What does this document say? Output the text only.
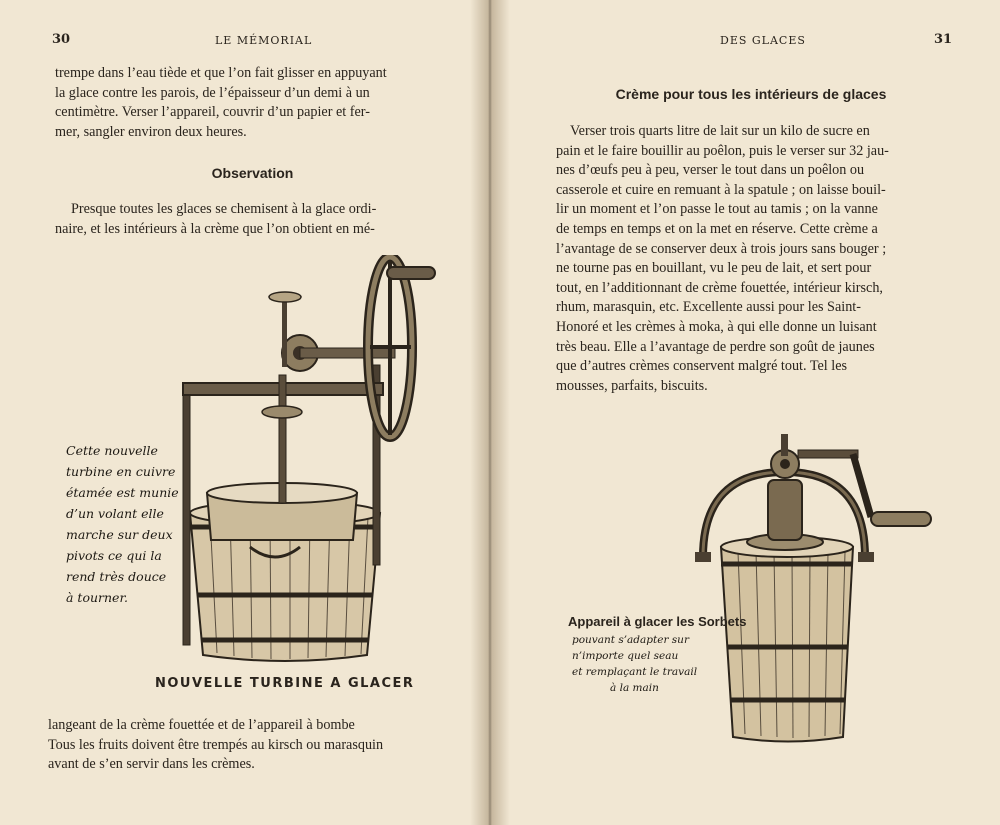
30	LE MÉMORIAL

trempe dans l’eau tiède et que l’on fait glisser en appuyant

la glace contre les parois, de l’épaisseur d’un demi à un

centimètre. Verser l’appareil, couvrir d’un papier et fer-

mer, sangler environ deux heures.

Observation

Presque toutes les glaces se chemisent à la glace ordi-

naire, et les intérieurs à la crème que l’on obtient en mé-

Cette nouvelle
turbine en cuivre
étamée est munie
d’un volant elle
marche sur deux
pivots ce qui la
rend très douce
à tourner.
NOUVELLE TURBINE A GLACER

langeant de la crème fouettée et de l’appareil à bombe

Tous les fruits doivent être trempés au kirsch ou marasquin

avant de s’en servir dans les crèmes.

DES GLACES	31
Crème pour tous les intérieurs de glaces

Verser trois quarts litre de lait sur un kilo de sucre en

pain et le faire bouillir au poêlon, puis le verser sur 32 jau-

nes d’œufs peu à peu, verser le tout dans un poêlon ou

casserole et cuire en remuant à la spatule ; on laisse bouil-

lir un moment et l’on passe le tout au tamis ; on la vanne

de temps en temps et on la met en réserve. Cette crème a

l’avantage de se conserver deux à trois jours sans bouger ;

ne tourne pas en bouillant, vu le peu de lait, et sert pour

tout, en l’additionnant de crème fouettée, intérieur kirsch,

rhum, marasquin, etc. Excellente aussi pour les Saint-

Honoré et les crèmes à moka, à qui elle donne un luisant

très beau. Elle a l’avantage de perdre son goût de jaunes

que d’autres crèmes conservent malgré tout. Tel les

mousses, parfaits, biscuits.

Appareil à glacer les Sorbets
pouvant s’adapter sur
n’importe quel seau
et remplaçant le travail
à la main
